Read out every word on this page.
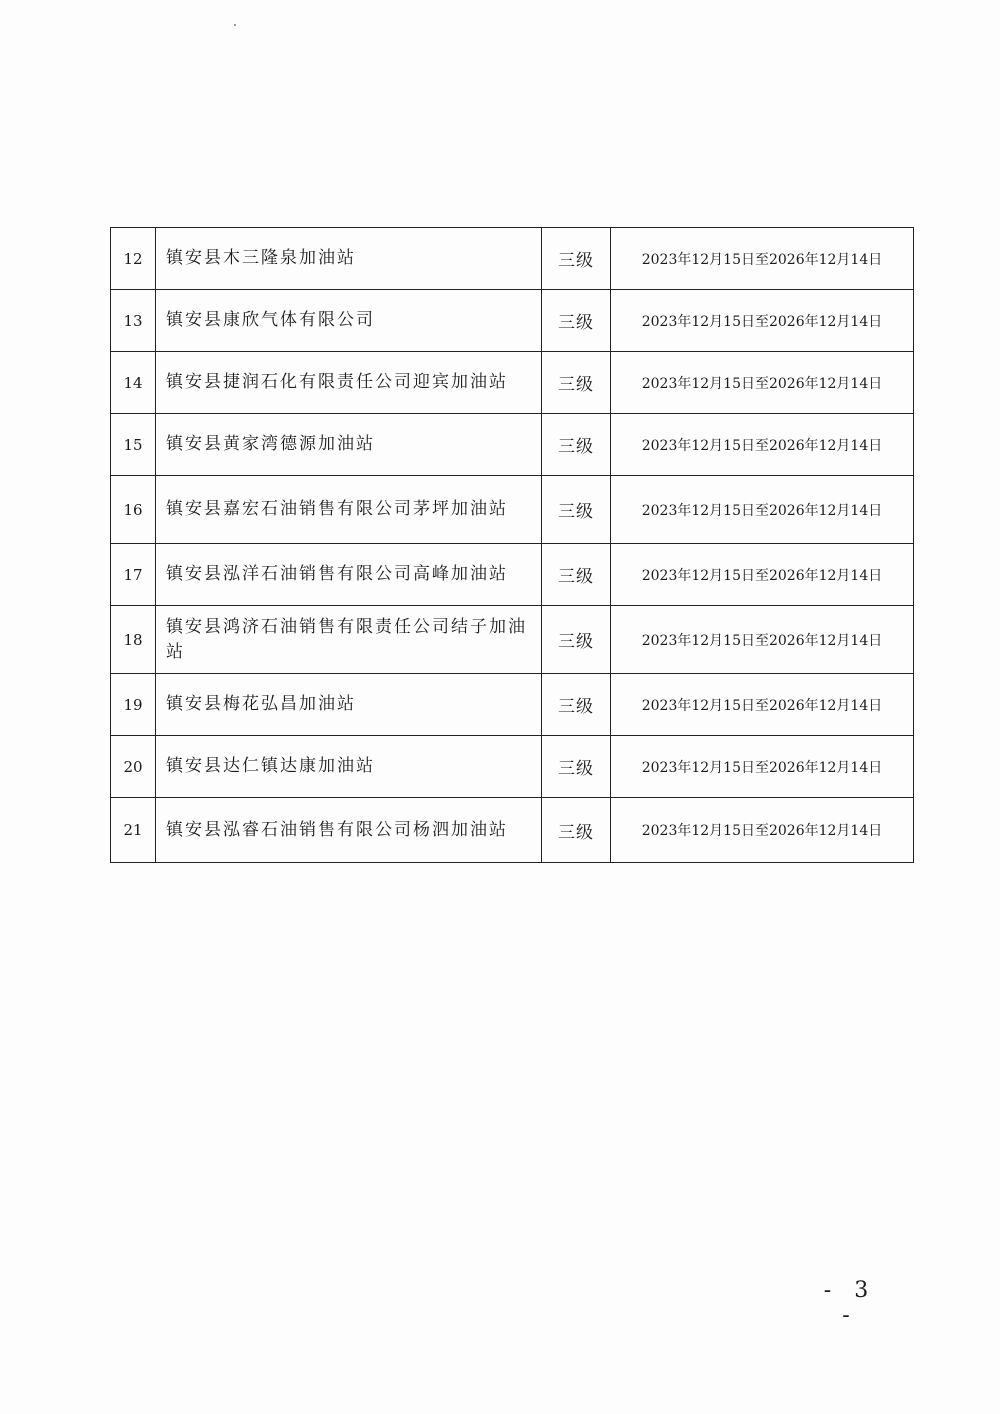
12	镇安县木三隆泉加油站	三级	2023年12月15日至2026年12月14日
13	镇安县康欣气体有限公司	三级	2023年12月15日至2026年12月14日
14	镇安县捷润石化有限责任公司迎宾加油站	三级	2023年12月15日至2026年12月14日
15	镇安县黄家湾德源加油站	三级	2023年12月15日至2026年12月14日
16	镇安县嘉宏石油销售有限公司茅坪加油站	三级	2023年12月15日至2026年12月14日
17	镇安县泓洋石油销售有限公司高峰加油站	三级	2023年12月15日至2026年12月14日
18	镇安县鸿济石油销售有限责任公司结子加油站	三级	2023年12月15日至2026年12月14日
19	镇安县梅花弘昌加油站	三级	2023年12月15日至2026年12月14日
20	镇安县达仁镇达康加油站	三级	2023年12月15日至2026年12月14日
21	镇安县泓睿石油销售有限公司杨泗加油站	三级	2023年12月15日至2026年12月14日
- 3 -
